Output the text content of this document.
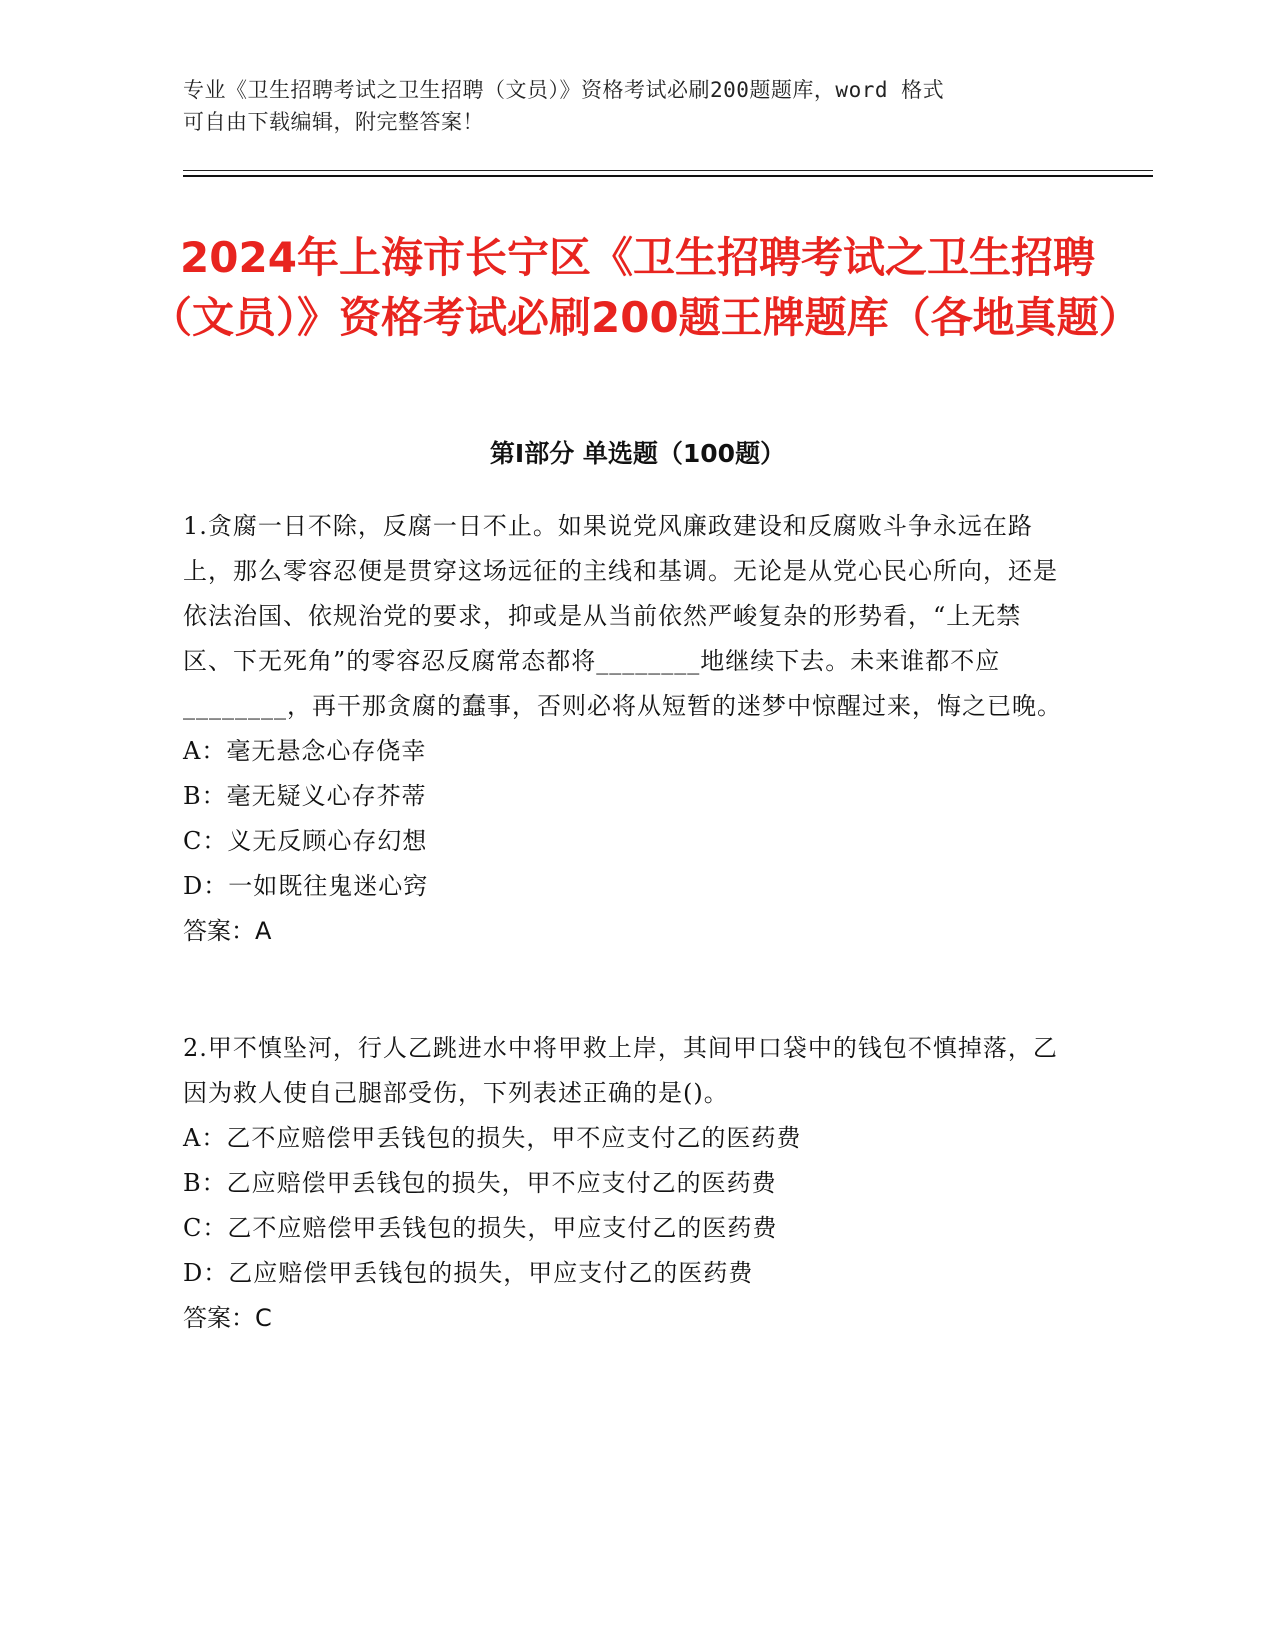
专业《卫生招聘考试之卫生招聘（文员）》资格考试必刷200题题库，word 格式
可自由下载编辑，附完整答案！
2024年上海市长宁区《卫生招聘考试之卫生招聘（文员）》资格考试必刷200题王牌题库（各地真题）
第Ⅰ部分 单选题（100题）

1.贪腐一日不除，反腐一日不止。如果说党风廉政建设和反腐败斗争永远在路上，那么零容忍便是贯穿这场远征的主线和基调。无论是从党心民心所向，还是依法治国、依规治党的要求，抑或是从当前依然严峻复杂的形势看，“上无禁区、下无死角”的零容忍反腐常态都将________地继续下去。未来谁都不应________，再干那贪腐的蠢事，否则必将从短暂的迷梦中惊醒过来，悔之已晚。

A：毫无悬念心存侥幸

B：毫无疑义心存芥蒂

C：义无反顾心存幻想

D：一如既往鬼迷心窍

答案：A

2.甲不慎坠河，行人乙跳进水中将甲救上岸，其间甲口袋中的钱包不慎掉落，乙因为救人使自己腿部受伤，下列表述正确的是()。

A：乙不应赔偿甲丢钱包的损失，甲不应支付乙的医药费

B：乙应赔偿甲丢钱包的损失，甲不应支付乙的医药费

C：乙不应赔偿甲丢钱包的损失，甲应支付乙的医药费

D：乙应赔偿甲丢钱包的损失，甲应支付乙的医药费

答案：C
